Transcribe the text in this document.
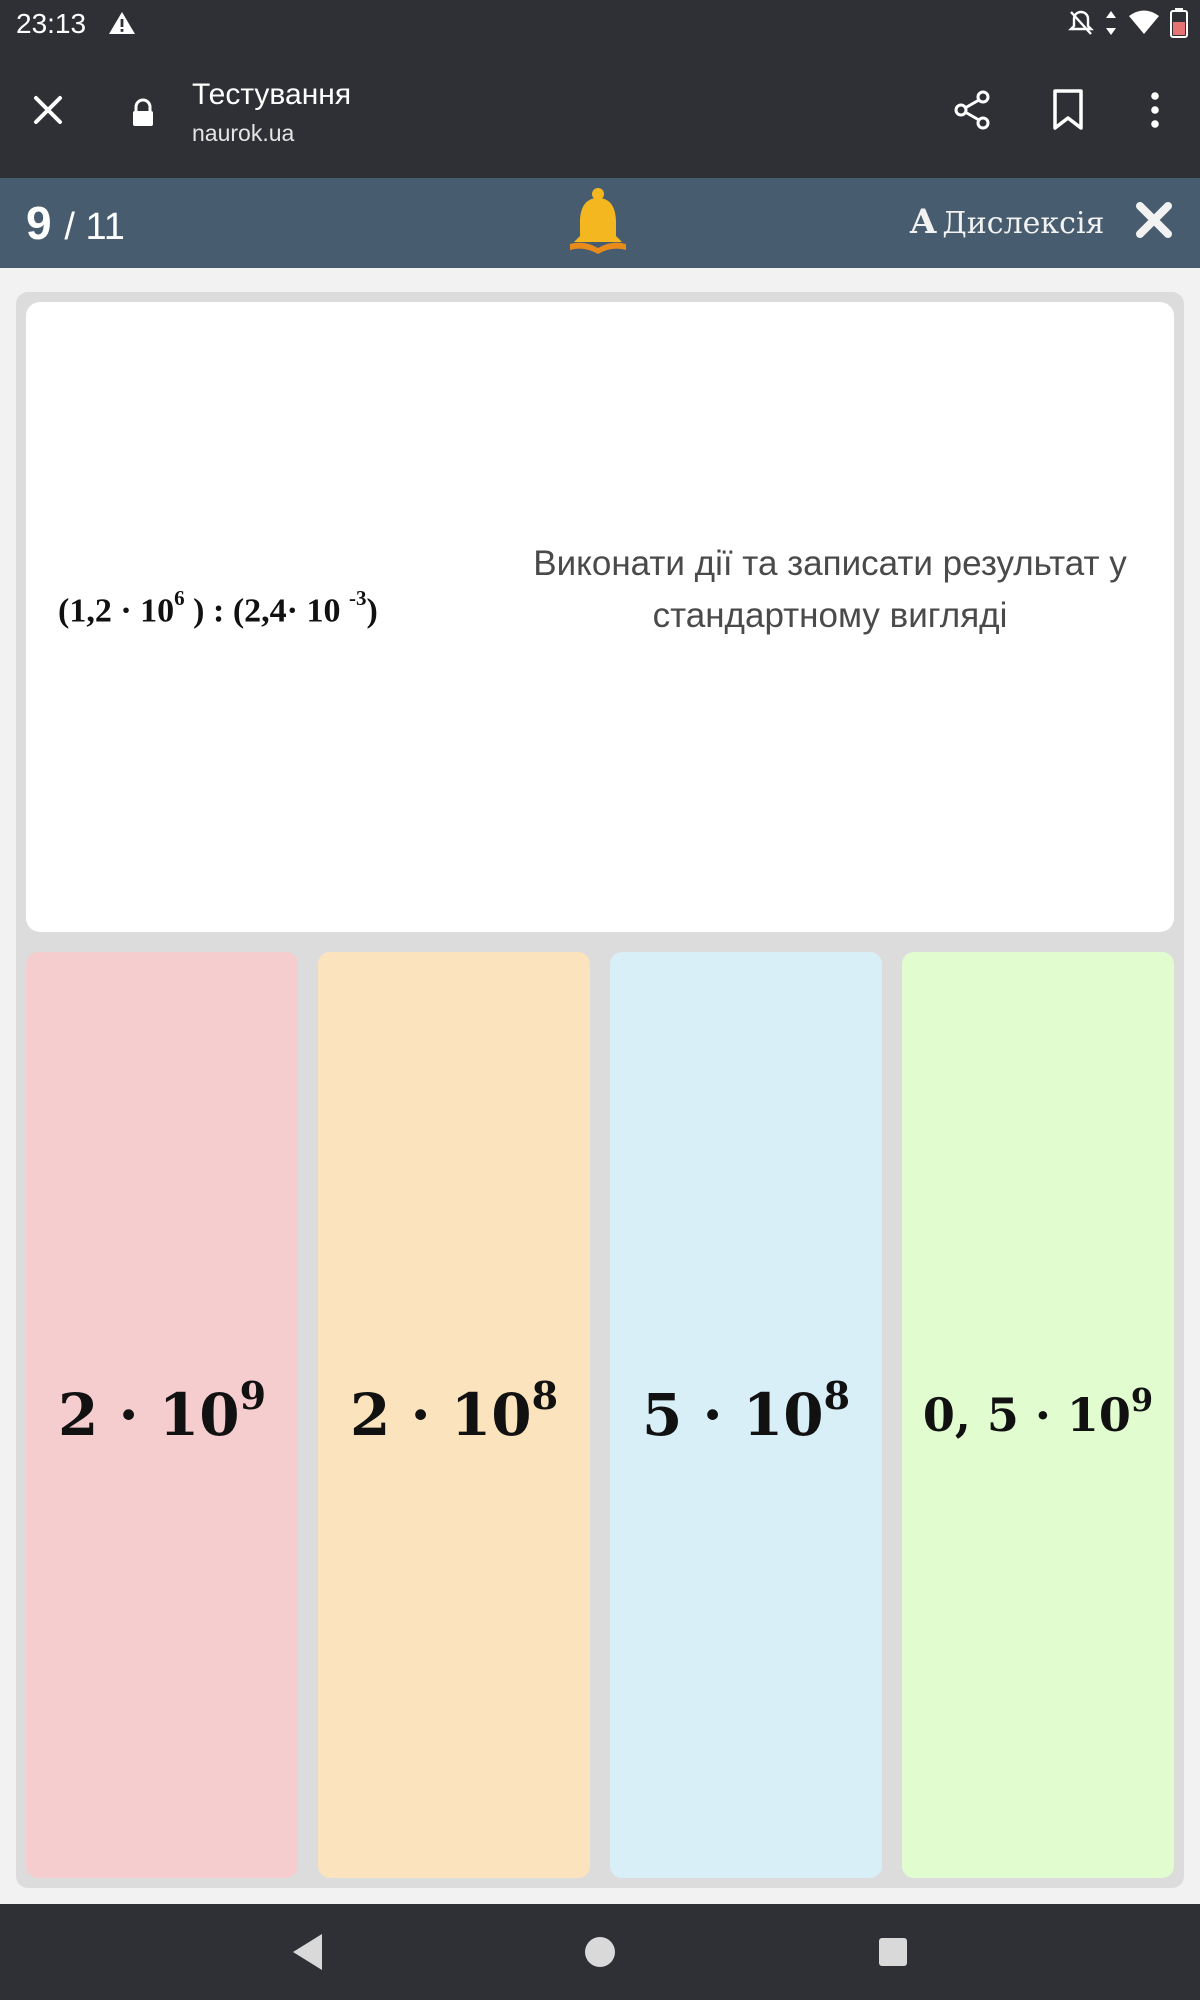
23:13
Тестування
naurok.ua
9 / 11	A Дислексія
($1,2 \cdot 10^6$ ) : (2,4· 10 $^{-3}$)
Виконати дії та записати результат у стандартному вигляді
$2 \cdot 10^9$ $2 \cdot 10^8$ $5 \cdot 10^8$ 0, $5 \cdot 10^9$
